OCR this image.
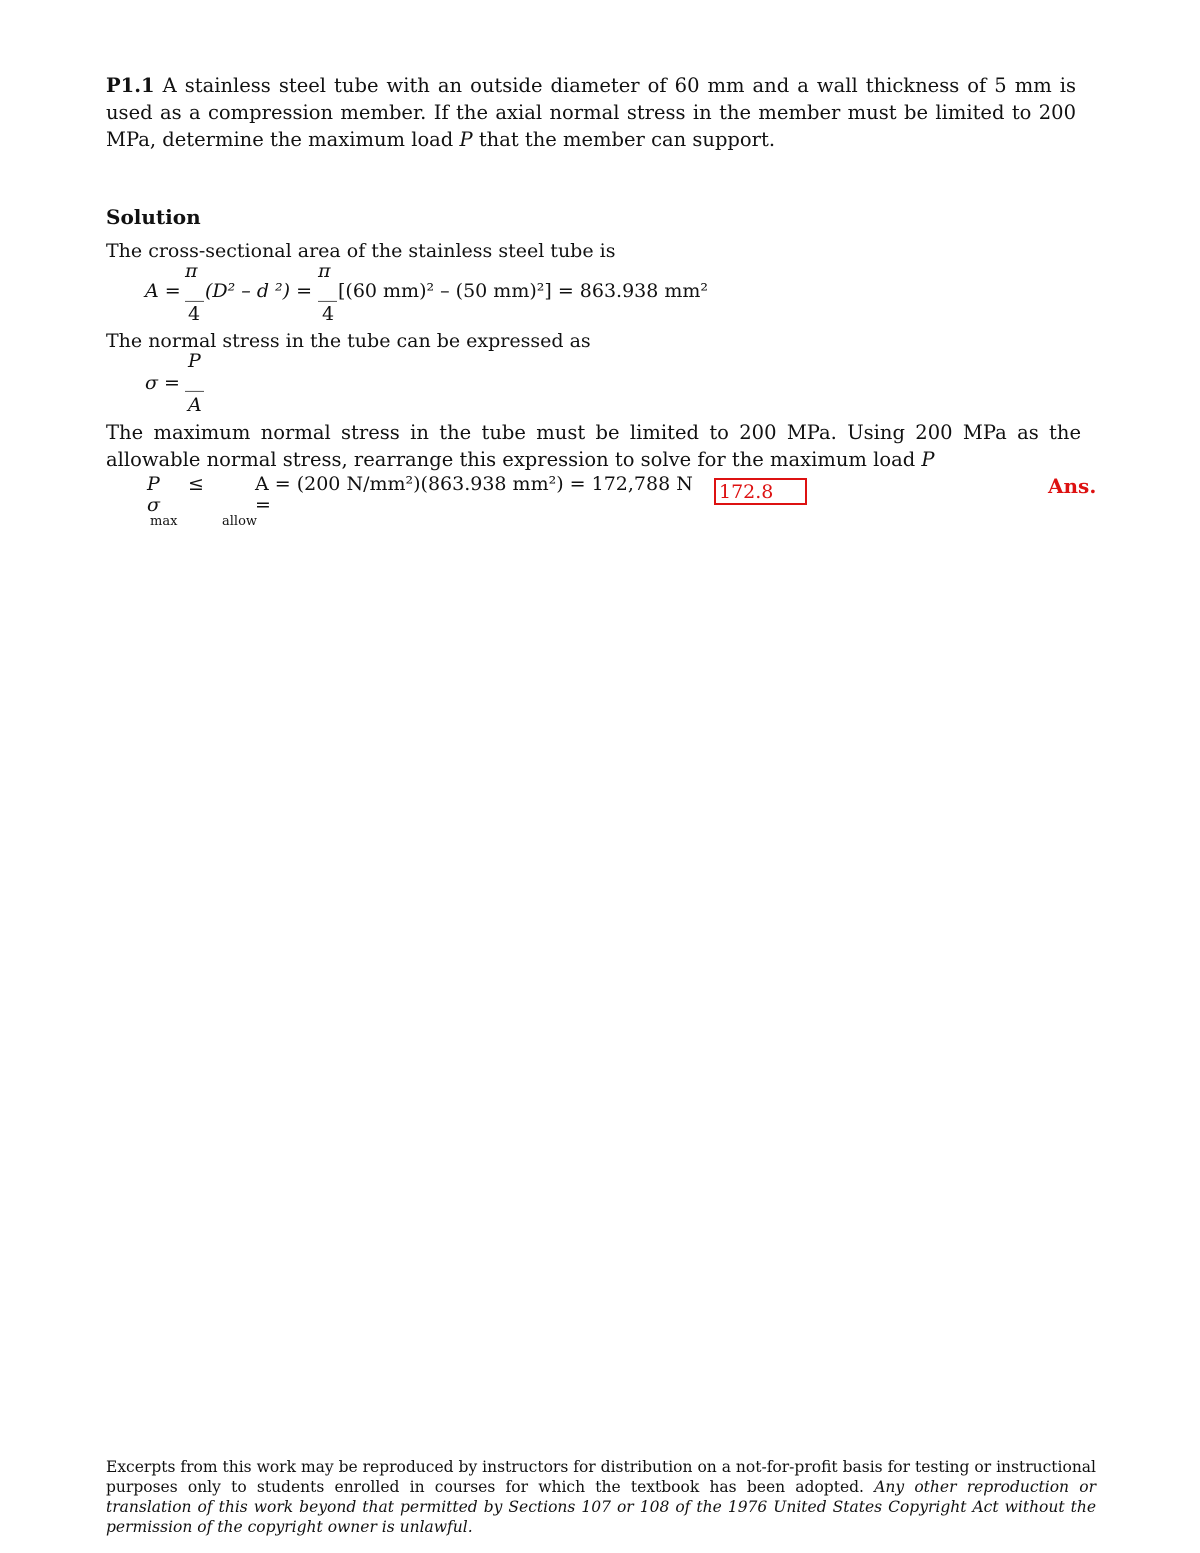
P1.1 A stainless steel tube with an outside diameter of 60 mm and a wall thickness of 5 mm is used as a compression member. If the axial normal stress in the member must be limited to 200 MPa, determine the maximum load P that the member can support.
Solution
The cross-sectional area of the stainless steel tube is
π	π
A = __ (D² – d ²) = __ [(60 mm)² – (50 mm)²] = 863.938 mm²
4	4
The normal stress in the tube can be expressed as
P
σ = __
A
The maximum normal stress in the tube must be limited to 200 MPa. Using 200 MPa as the allowable normal stress, rearrange this expression to solve for the maximum load P
P ≤
σ	=
max	allow
A = (200 N/mm²)(863.938 mm²) = 172,788 N 172.8	Ans.
Excerpts from this work may be reproduced by instructors for distribution on a not-for-profit basis for testing or instructional purposes only to students enrolled in courses for which the textbook has been adopted. Any other reproduction or translation of this work beyond that permitted by Sections 107 or 108 of the 1976 United States Copyright Act without the permission of the copyright owner is unlawful.
